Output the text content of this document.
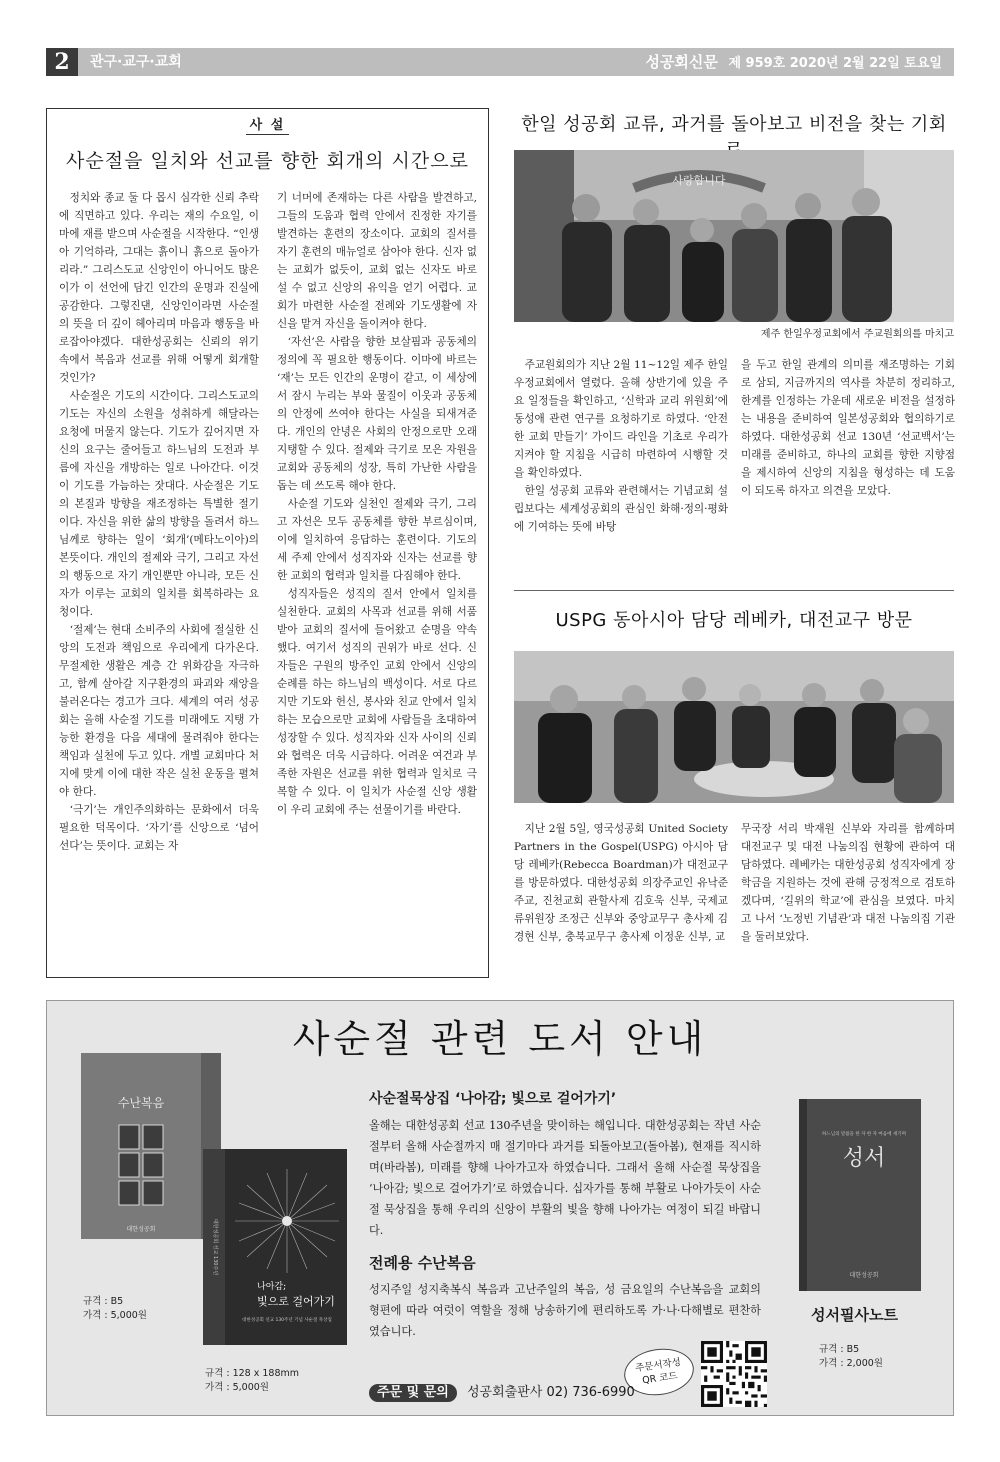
2	관구·교구·교회	성공회신문 제 959호 2020년 2월 22일 토요일
사 설
사순절을 일치와 선교를 향한 회개의 시간으로

정치와 종교 둘 다 몹시 심각한 신뢰 추락에 직면하고 있다. 우리는 재의 수요일, 이마에 재를 받으며 사순절을 시작한다. “인생아 기억하라, 그대는 흙이니 흙으로 돌아가리라.” 그리스도교 신앙인이 아니어도 많은 이가 이 선언에 담긴 인간의 운명과 진실에 공감한다. 그렇진댄, 신앙인이라면 사순절의 뜻을 더 깊이 헤아리며 마음과 행동을 바로잡아야겠다. 대한성공회는 신뢰의 위기 속에서 복음과 선교를 위해 어떻게 회개할 것인가?

사순절은 기도의 시간이다. 그리스도교의 기도는 자신의 소원을 성취하게 해달라는 요청에 머물지 않는다. 기도가 깊어지면 자신의 요구는 줄어들고 하느님의 도전과 부름에 자신을 개방하는 일로 나아간다. 이것이 기도를 가늠하는 잣대다. 사순절은 기도의 본질과 방향을 재조정하는 특별한 절기이다. 자신을 위한 삶의 방향을 돌려서 하느님께로 향하는 일이 ‘회개’(메타노이아)의 본뜻이다. 개인의 절제와 극기, 그리고 자선의 행동으로 자기 개인뿐만 아니라, 모든 신자가 이루는 교회의 일치를 회복하라는 요청이다.

‘절제’는 현대 소비주의 사회에 절실한 신앙의 도전과 책임으로 우리에게 다가온다. 무절제한 생활은 계층 간 위화감을 자극하고, 함께 살아갈 지구환경의 파괴와 재앙을 불러온다는 경고가 크다. 세계의 여러 성공회는 올해 사순절 기도를 미래에도 지탱 가능한 환경을 다음 세대에 물려줘야 한다는 책임과 실천에 두고 있다. 개별 교회마다 처지에 맞게 이에 대한 작은 실천 운동을 펼쳐야 한다.

‘극기’는 개인주의화하는 문화에서 더욱 필요한 덕목이다. ‘자기’를 신앙으로 ‘넘어선다’는 뜻이다. 교회는 자

기 너머에 존재하는 다른 사람을 발견하고, 그들의 도움과 협력 안에서 진정한 자기를 발견하는 훈련의 장소이다. 교회의 질서를 자기 훈련의 매뉴얼로 삼아야 한다. 신자 없는 교회가 없듯이, 교회 없는 신자도 바로 설 수 없고 신앙의 유익을 얻기 어렵다. 교회가 마련한 사순절 전례와 기도생활에 자신을 맡겨 자신을 돌이켜야 한다.

‘자선’은 사람을 향한 보살핌과 공동체의 정의에 꼭 필요한 행동이다. 이마에 바르는 ‘재’는 모든 인간의 운명이 같고, 이 세상에서 잠시 누리는 부와 물질이 이웃과 공동체의 안정에 쓰여야 한다는 사실을 되새겨준다. 개인의 안녕은 사회의 안정으로만 오래 지탱할 수 있다. 절제와 극기로 모은 자원을 교회와 공동체의 성장, 특히 가난한 사람을 돕는 데 쓰도록 해야 한다.

사순절 기도와 실천인 절제와 극기, 그리고 자선은 모두 공동체를 향한 부르심이며, 이에 일치하여 응답하는 훈련이다. 기도의 세 주제 안에서 성직자와 신자는 선교를 향한 교회의 협력과 일치를 다짐해야 한다.

성직자들은 성직의 질서 안에서 일치를 실천한다. 교회의 사목과 선교를 위해 서품받아 교회의 질서에 들어왔고 순명을 약속했다. 여기서 성직의 권위가 바로 선다. 신자들은 구원의 방주인 교회 안에서 신앙의 순례를 하는 하느님의 백성이다. 서로 다르지만 기도와 헌신, 봉사와 친교 안에서 일치하는 모습으로만 교회에 사람들을 초대하여 성장할 수 있다. 성직자와 신자 사이의 신뢰와 협력은 더욱 시급하다. 어려운 여건과 부족한 자원은 선교를 위한 협력과 일치로 극복할 수 있다. 이 일치가 사순절 신앙 생활이 우리 교회에 주는 선물이기를 바란다.

한일 성공회 교류, 과거를 돌아보고 비전을 찾는 기회
사랑합니다
제주 한일우정교회에서 주교원회의를 마치고

주교원회의가 지난 2월 11~12일 제주 한일우정교회에서 열렸다. 올해 상반기에 있을 주요 일정들을 확인하고, ‘신학과 교리 위원회’에 동성애 관련 연구를 요청하기로 하였다. ‘안전한 교회 만들기’ 가이드 라인을 기초로 우리가 지켜야 할 지침을 시급히 마련하여 시행할 것을 확인하였다.

한일 성공회 교류와 관련해서는 기념교회 설립보다는 세계성공회의 관심인 화해·정의·평화에 기여하는 뜻에 바탕

을 두고 한일 관계의 의미를 재조명하는 기회로 삼되, 지금까지의 역사를 차분히 정리하고, 한계를 인정하는 가운데 새로운 비전을 설정하는 내용을 준비하여 일본성공회와 협의하기로 하였다. 대한성공회 선교 130년 ‘선교백서’는 미래를 준비하고, 하나의 교회를 향한 지향점을 제시하여 신앙의 지침을 형성하는 데 도움이 되도록 하자고 의견을 모았다.

USPG 동아시아 담당 레베카, 대전교구 방문

지난 2월 5일, 영국성공회 United Society Partners in the Gospel(USPG) 아시아 담당 레베카(Rebecca Boardman)가 대전교구를 방문하였다. 대한성공회 의장주교인 유낙준 주교, 진천교회 관할사제 김호욱 신부, 국제교류위원장 조정근 신부와 중앙교무구 총사제 김경현 신부, 충북교무구 총사제 이정운 신부, 교

무국장 서리 박재원 신부와 자리를 함께하며 대전교구 및 대전 나눔의집 현황에 관하여 대담하였다. 레베카는 대한성공회 성직자에게 장학금을 지원하는 것에 관해 긍정적으로 검토하겠다며, ‘길위의 학교’에 관심을 보였다. 마치고 나서 ‘노정빈 기념관’과 대전 나눔의집 기관을 둘러보았다.

사순절 관련 도서 안내
수난복음
대한성공회
규격 : B5
가격 : 5,000원
대한성공회 선교 130주년
나아감;
빛으로 걸어가기
대한성공회 선교 130주년 기념 사순절 묵상집
규격 : 128 x 188mm
가격 : 5,000원
사순절묵상집 ‘나아감; 빛으로 걸어가기’
올해는 대한성공회 선교 130주년을 맞이하는 해입니다. 대한성공회는 작년 사순절부터 올해 사순절까지 매 절기마다 과거를 되돌아보고(돌아봄), 현재를 직시하며(바라봄), 미래를 향해 나아가고자 하였습니다. 그래서 올해 사순절 묵상집을 ‘나아감; 빛으로 걸어가기’로 하였습니다. 십자가를 통해 부활로 나아가듯이 사순절 묵상집을 통해 우리의 신앙이 부활의 빛을 향해 나아가는 여정이 되길 바랍니다.
전례용 수난복음
성지주일 성지축복식 복음과 고난주일의 복음, 성 금요일의 수난복음을 교회의 형편에 따라 여럿이 역할을 정해 낭송하기에 편리하도록 가·나·다해별로 편찬하였습니다.
하느님의 말씀을 한 자 한 자 마음에 새기며
성서
대한성공회
성서필사노트
규격 : B5
가격 : 2,000원
주문서작성
QR 코드
주문 및 문의 성공회출판사 02) 736-6990
